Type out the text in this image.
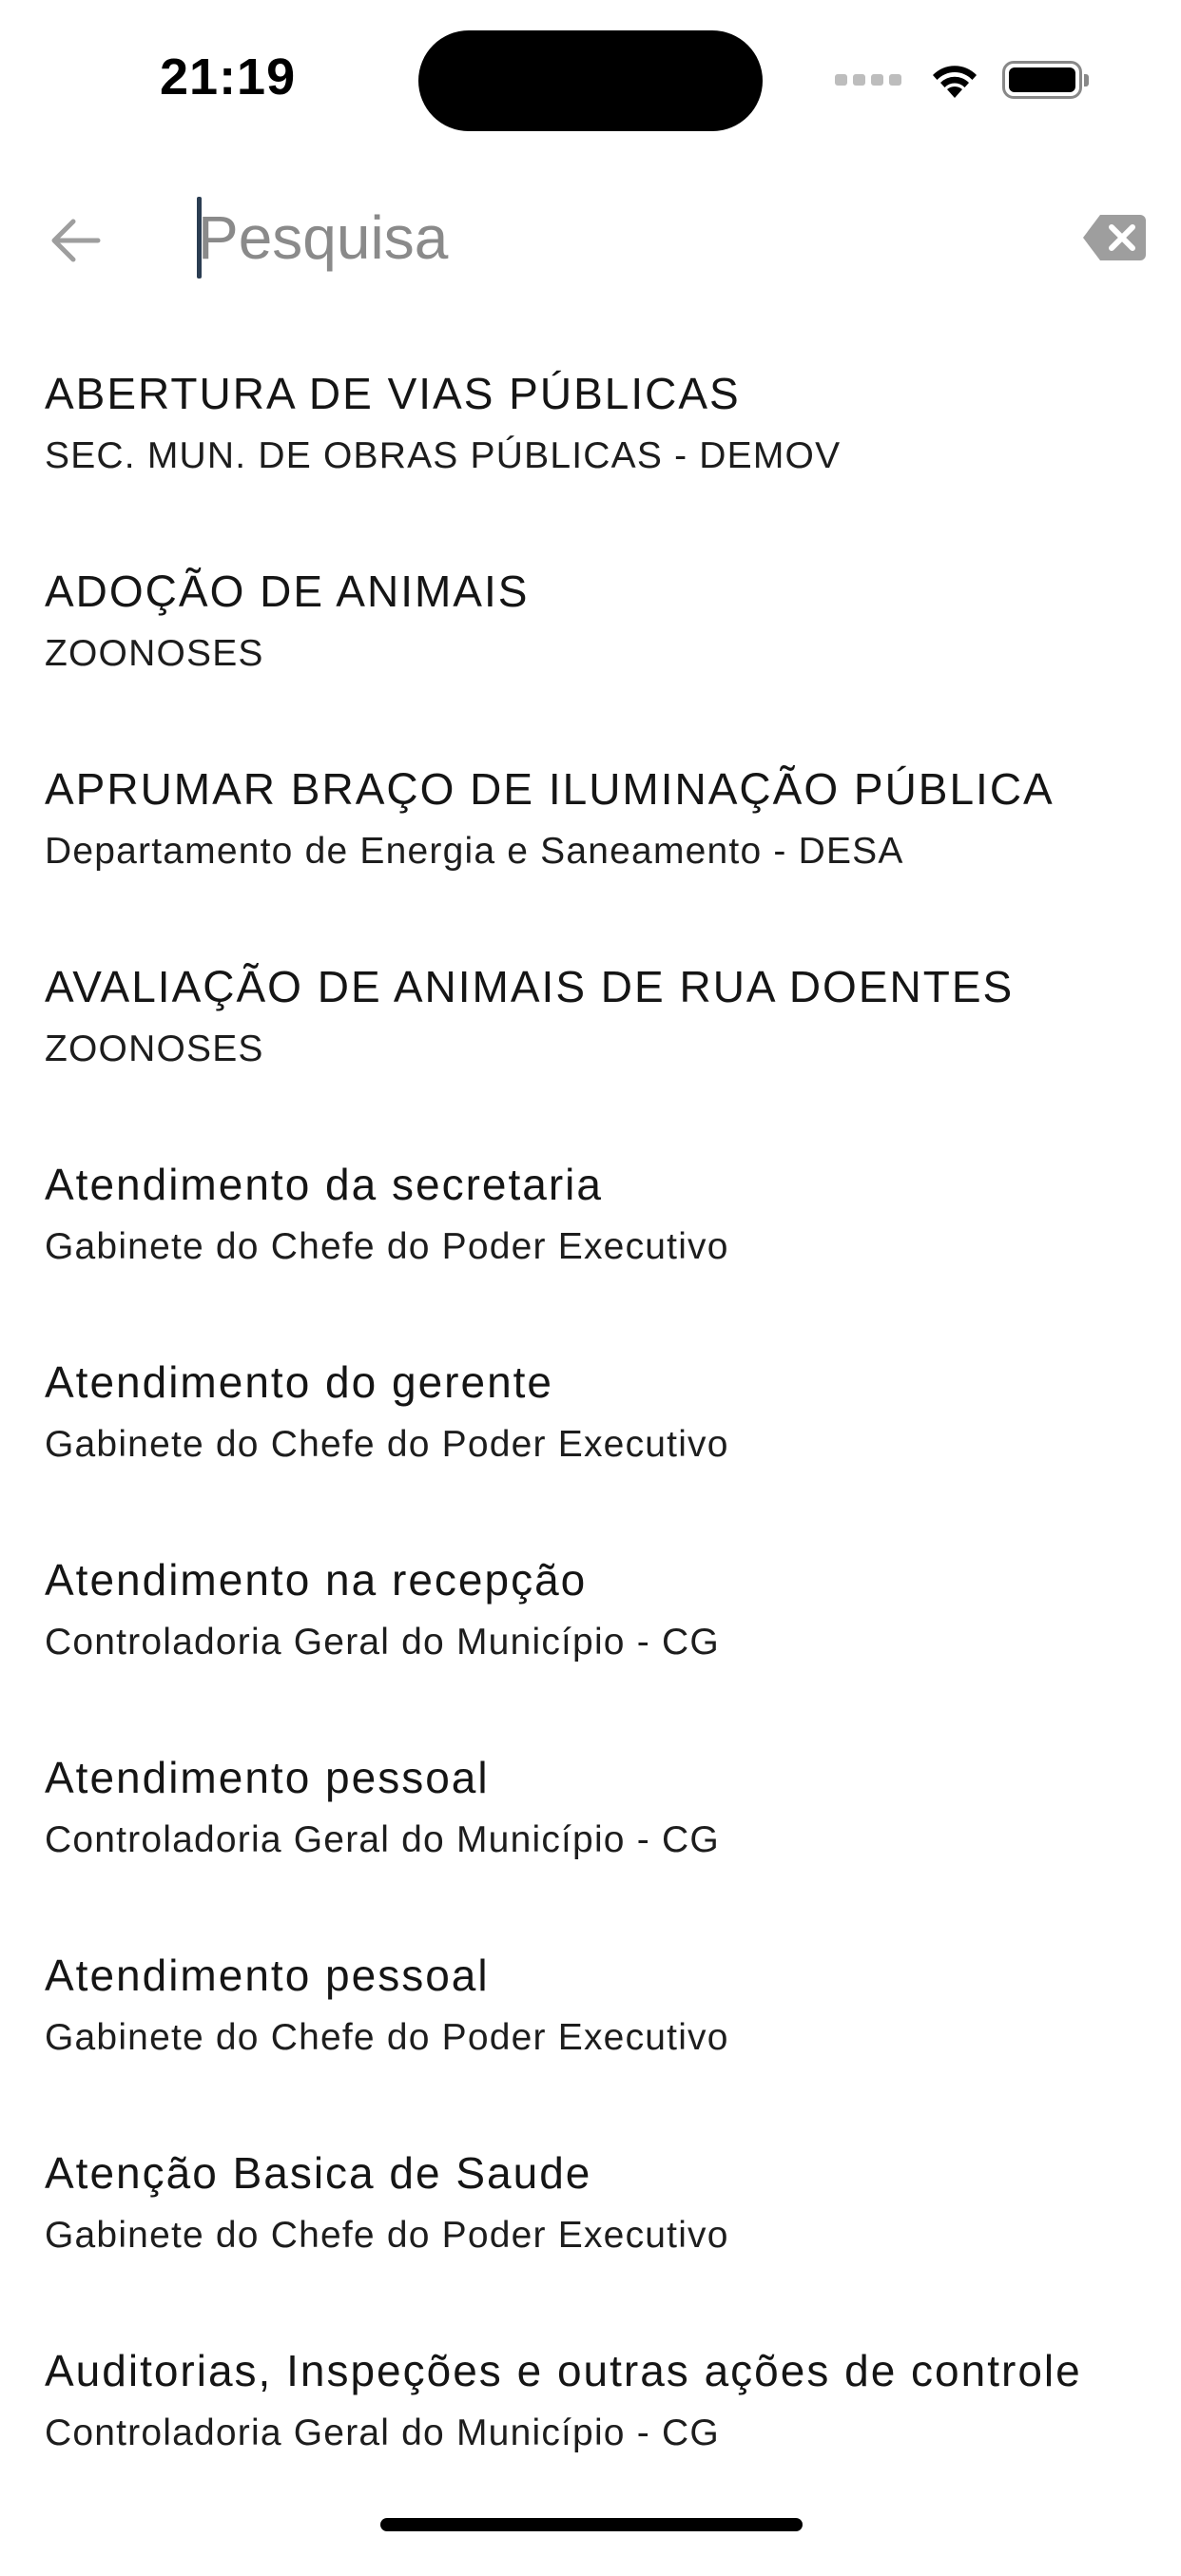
21:19
Pesquisa
ABERTURA DE VIAS PÚBLICAS
SEC. MUN. DE OBRAS PÚBLICAS - DEMOV
ADOÇÃO DE ANIMAIS
ZOONOSES
APRUMAR BRAÇO DE ILUMINAÇÃO PÚBLICA
Departamento de Energia e Saneamento - DESA
AVALIAÇÃO DE ANIMAIS DE RUA DOENTES
ZOONOSES
Atendimento da secretaria
Gabinete do Chefe do Poder Executivo
Atendimento do gerente
Gabinete do Chefe do Poder Executivo
Atendimento na recepção
Controladoria Geral do Município - CG
Atendimento pessoal
Controladoria Geral do Município - CG
Atendimento pessoal
Gabinete do Chefe do Poder Executivo
Atenção Basica de Saude
Gabinete do Chefe do Poder Executivo
Auditorias, Inspeções e outras ações de controle
Controladoria Geral do Município - CG
